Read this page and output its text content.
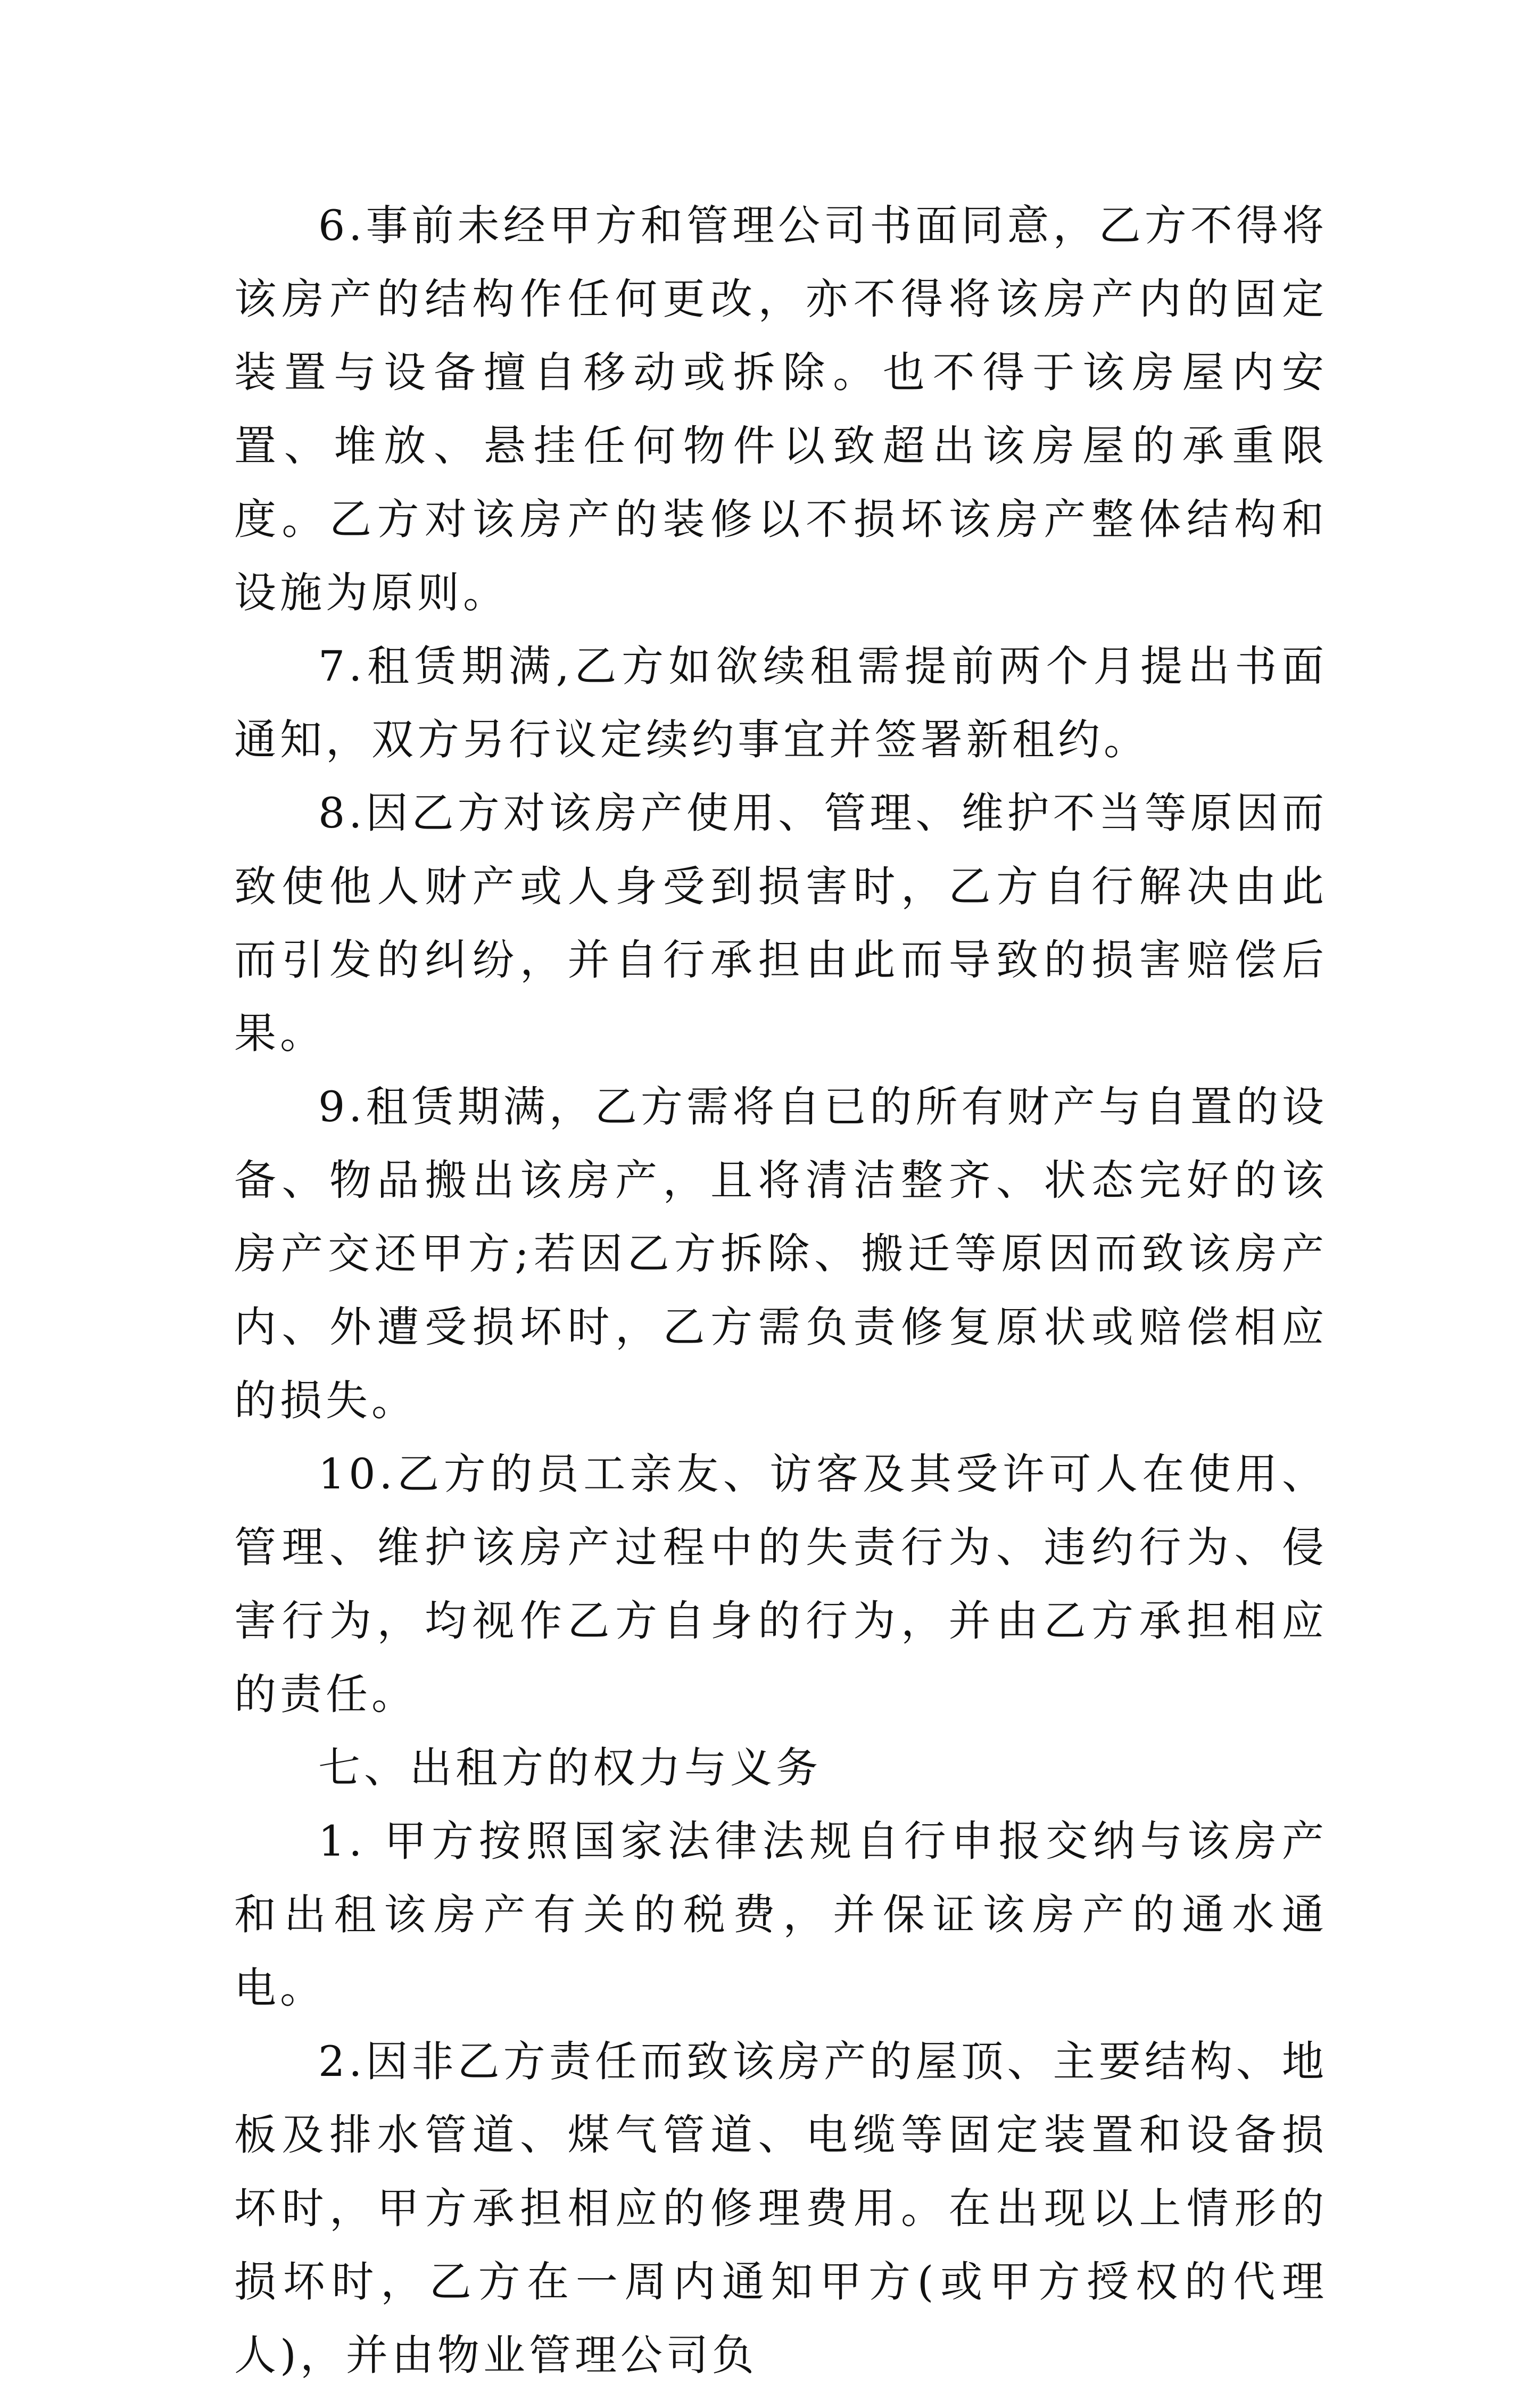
6.事前未经甲方和管理公司书面同意，乙方不得将该房产的结构作任何更改，亦不得将该房产内的固定装置与设备擅自移动或拆除。也不得于该房屋内安置、堆放、悬挂任何物件以致超出该房屋的承重限度。乙方对该房产的装修以不损坏该房产整体结构和设施为原则。

7.租赁期满,乙方如欲续租需提前两个月提出书面通知，双方另行议定续约事宜并签署新租约。

8.因乙方对该房产使用、管理、维护不当等原因而致使他人财产或人身受到损害时，乙方自行解决由此而引发的纠纷，并自行承担由此而导致的损害赔偿后果。

9.租赁期满，乙方需将自已的所有财产与自置的设备、物品搬出该房产，且将清洁整齐、状态完好的该房产交还甲方;若因乙方拆除、搬迁等原因而致该房产内、外遭受损坏时，乙方需负责修复原状或赔偿相应的损失。

10.乙方的员工亲友、访客及其受许可人在使用、管理、维护该房产过程中的失责行为、违约行为、侵害行为，均视作乙方自身的行为，并由乙方承担相应的责任。

七、出租方的权力与义务

1. 甲方按照国家法律法规自行申报交纳与该房产和出租该房产有关的税费，并保证该房产的通水通电。

2.因非乙方责任而致该房产的屋顶、主要结构、地板及排水管道、煤气管道、电缆等固定装置和设备损坏时，甲方承担相应的修理费用。在出现以上情形的损坏时，乙方在一周内通知甲方(或甲方授权的代理人)，并由物业管理公司负
